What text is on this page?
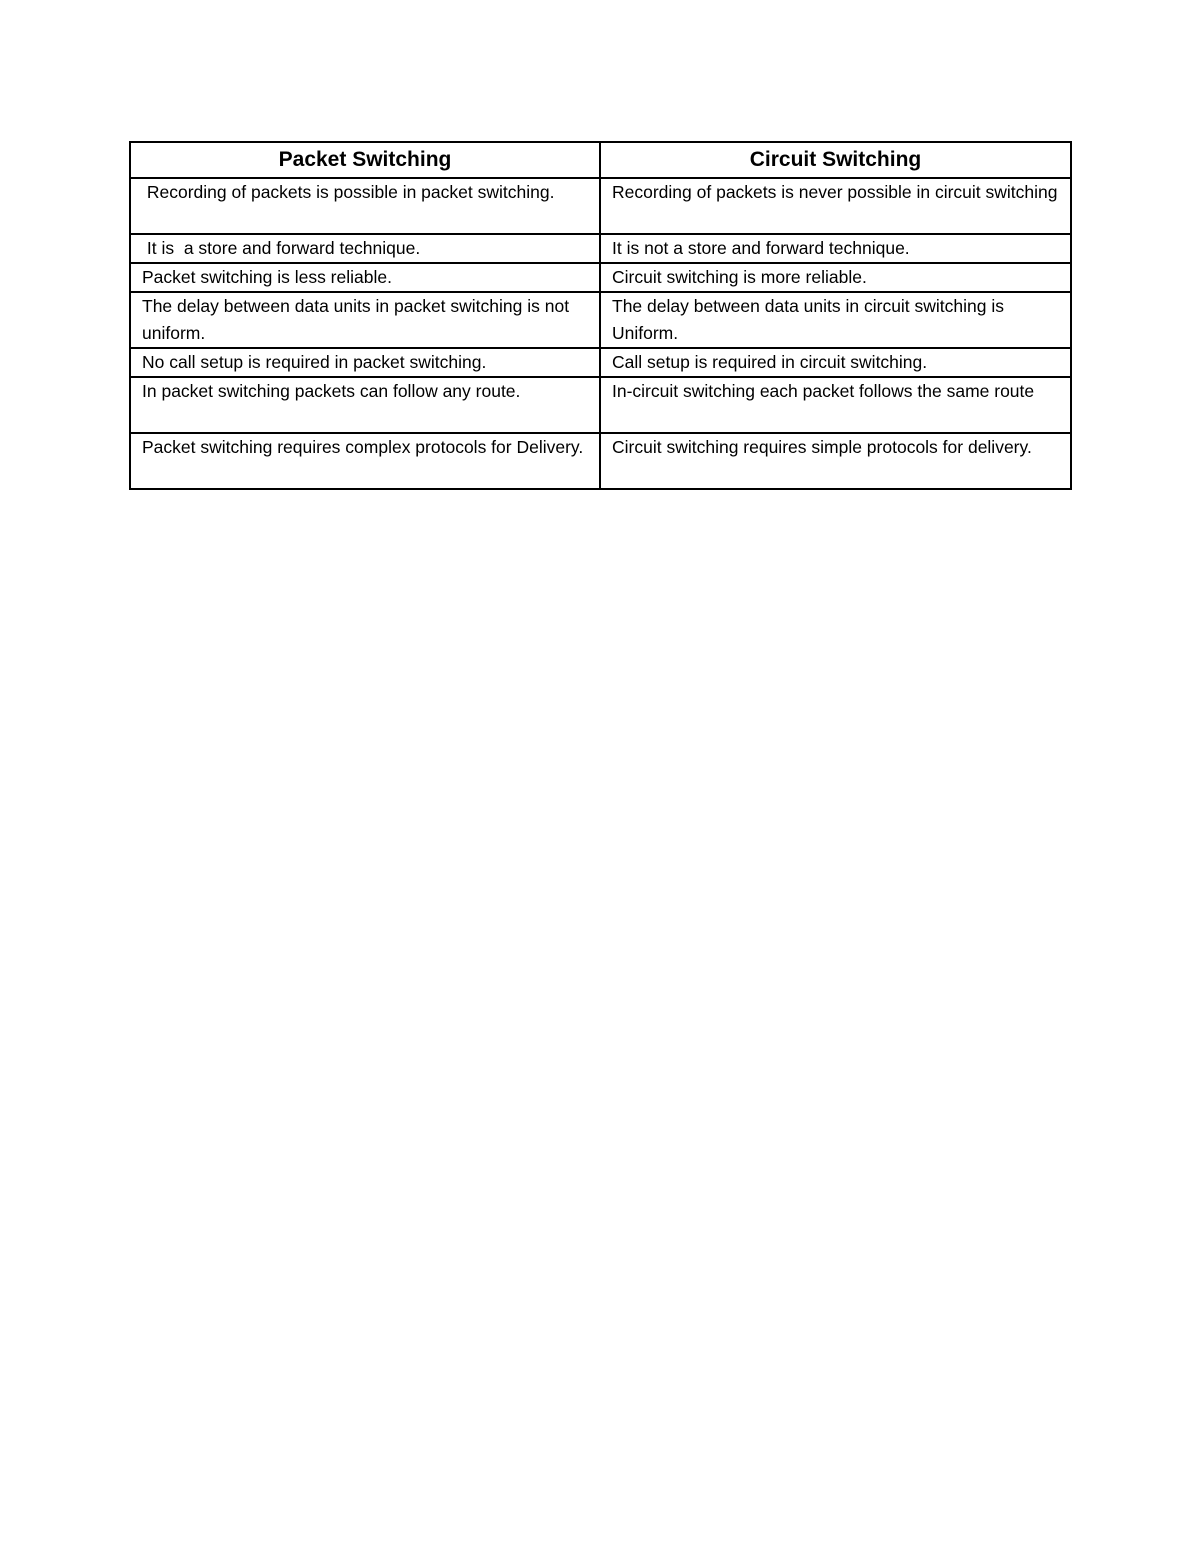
Packet Switching	Circuit Switching
Recording of packets is possible in packet switching.	Recording of packets is never possible in circuit switching
It is  a store and forward technique.	It is not a store and forward technique.
Packet switching is less reliable.	Circuit switching is more reliable.
The delay between data units in packet switching is not uniform.	The delay between data units in circuit switching is Uniform.
No call setup is required in packet switching.	Call setup is required in circuit switching.
In packet switching packets can follow any route.	In-circuit switching each packet follows the same route
Packet switching requires complex protocols for Delivery.	Circuit switching requires simple protocols for delivery.
